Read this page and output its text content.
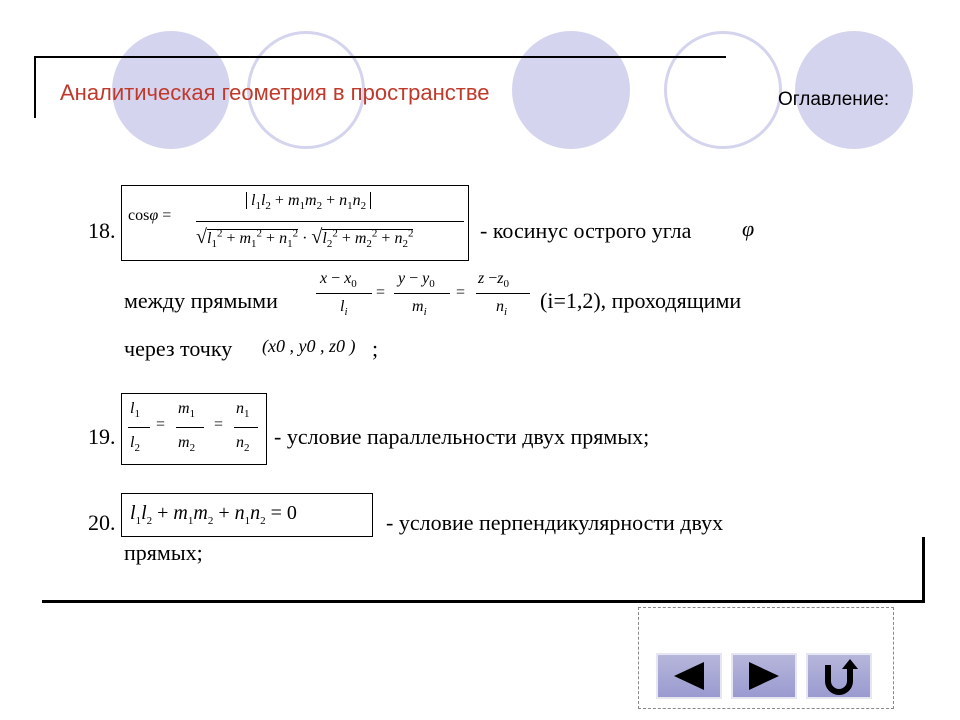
Аналитическая геометрия в пространстве	Оглавление:
18.
cosφ =
$l_1l_2 + m_1m_2 + n_1n_2$
$√l_1^2 + m_1^2 + n_1^2 \cdot √l_2^2 + m_2^2 + n_2^2$	- косинус острого угла φ
между прямыми
$x - x_0$
$l_i$
=
$y - y_0$
$m_i$
=
$z -z_0$
$n_i$ (i=1,2), проходящими
через точку (x0 , y0 , z0 ) ;
19.
$l_1$
$l_2$
=
$m_1$
$m_2$
=
$n_1$
$n_2$ - условие параллельности двух прямых;
20. $l_1l_2 + m_1m_2 + n_1n_2 = 0$	- условие перпендикулярности двух
прямых;
